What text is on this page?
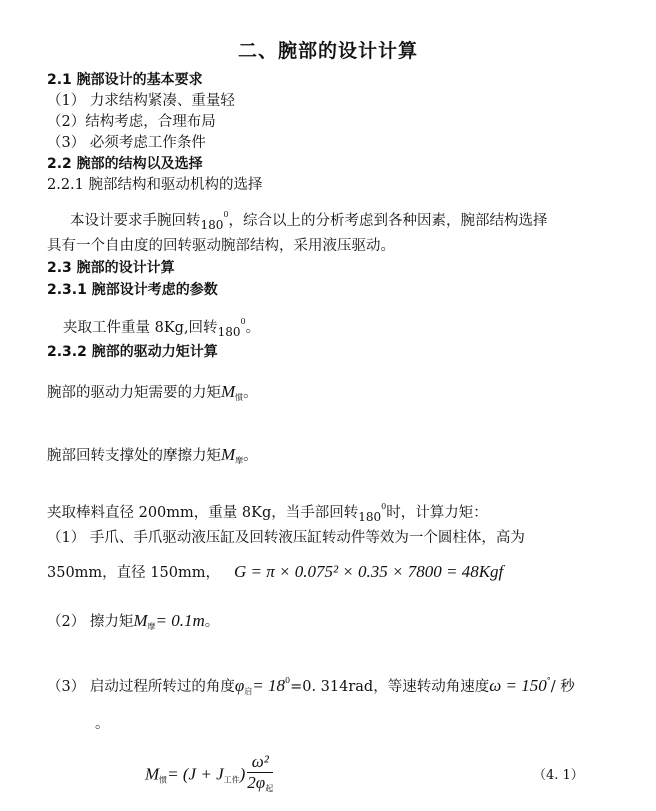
二、腕部的设计计算
2.1 腕部设计的基本要求
（1） 力求结构紧凑、重量轻
（2）结构考虑，合理布局
（3） 必须考虑工作条件
2.2 腕部的结构以及选择
2.2.1 腕部结构和驱动机构的选择
本设计要求手腕回转$_{180}^0$，综合以上的分析考虑到各种因素，腕部结构选择
具有一个自由度的回转驱动腕部结构，采用液压驱动。
2.3 腕部的设计计算
2.3.1 腕部设计考虑的参数
夹取工件重量 8Kg,回转$_{180}^0$。
2.3.2 腕部的驱动力矩计算
腕部的驱动力矩需要的力矩$M_惯$。
腕部回转支撑处的摩擦力矩$M_摩$。
夹取棒料直径 200mm，重量 8Kg，当手部回转$_{180}^0$时，计算力矩：
（1） 手爪、手爪驱动液压缸及回转液压缸转动件等效为一个圆柱体，高为
350mm，直径 150mm， G = π × 0.075² × 0.35 × 7800 = 48Kgf
（2） 擦力矩$M_摩= 0.1m$。
（3） 启动过程所转过的角度$\varphi_启= 18^0=0$. 314rad，等速转动角速度ω = 150°/ 秒
。
$M_惯= (J + J_{工件}) \frac{\text{ω²}}{\text{2φ起}}$	（4. 1）
